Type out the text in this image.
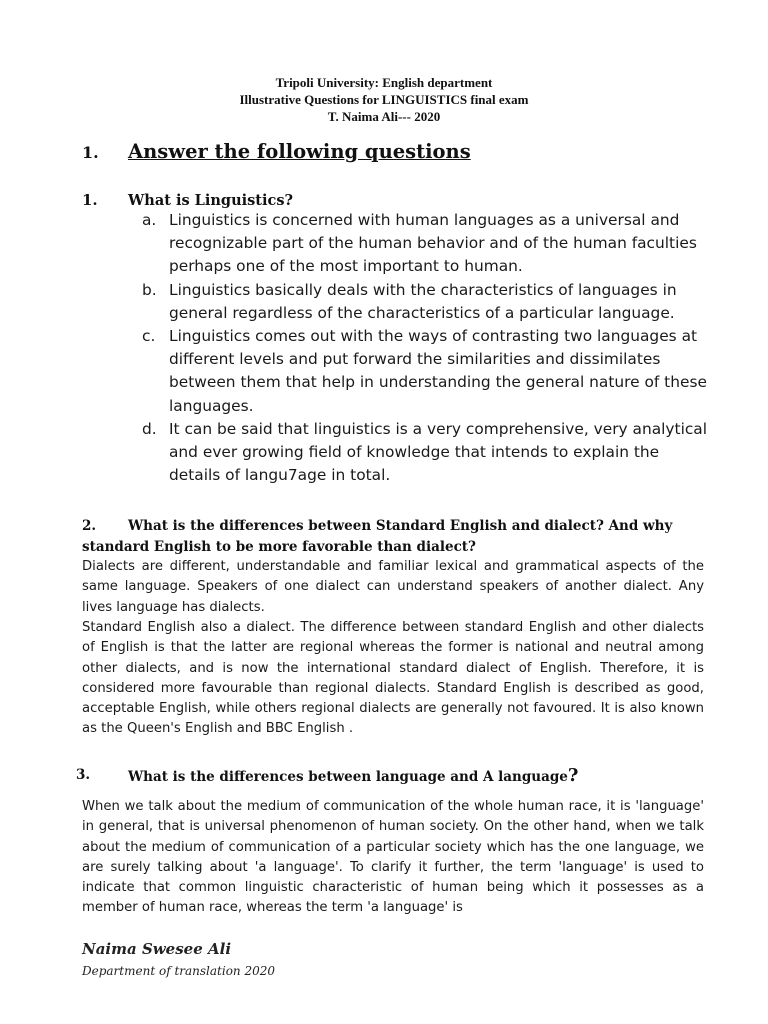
Tripoli University: English department
Illustrative Questions for LINGUISTICS final exam
T. Naima Ali--- 2020
1. Answer the following questions
1. What is Linguistics?
a. Linguistics is concerned with human languages as a universal and recognizable part of the human behavior and of the human faculties perhaps one of the most important to human.
b. Linguistics basically deals with the characteristics of languages in general regardless of the characteristics of a particular language.
c. Linguistics comes out with the ways of contrasting two languages at different levels and put forward the similarities and dissimilates between them that help in understanding the general nature of these languages.
d. It can be said that linguistics is a very comprehensive, very analytical and ever growing field of knowledge that intends to explain the details of langu7age in total.
2. What is the differences between Standard English and dialect? And why
standard English to be more favorable than dialect?
Dialects are different, understandable and familiar lexical and grammatical aspects of the same language. Speakers of one dialect can understand speakers of another dialect. Any lives language has dialects.
Standard English also a dialect. The difference between standard English and other dialects of English is that the latter are regional whereas the former is national and neutral among other dialects, and is now the international standard dialect of English. Therefore, it is considered more favourable than regional dialects. Standard English is described as good, acceptable English, while others regional dialects are generally not favoured. It is also known as the Queen's English and BBC English .
3.	What is the differences between language and A language?
When we talk about the medium of communication of the whole human race, it is 'language' in general, that is universal phenomenon of human society. On the other hand, when we talk about the medium of communication of a particular society which has the one language, we are surely talking about 'a language'. To clarify it further, the term 'language' is used to indicate that common linguistic characteristic of human being which it possesses as a member of human race, whereas the term 'a language' is
Naima Swesee Ali
Department of translation 2020
